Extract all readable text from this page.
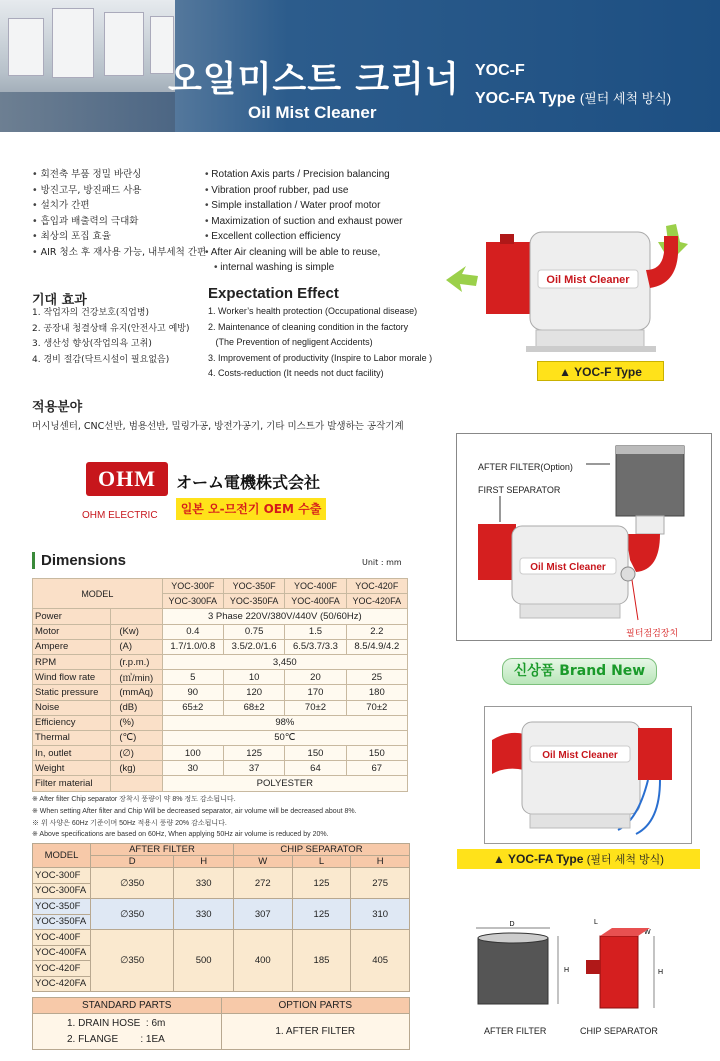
오일미스트 크리너
Oil Mist Cleaner
YOC-F
YOC-FA Type (필터 세척 방식)
• 회전축 부품 정밀 바란싱
• 방진고무, 방진패드 사용
• 설치가 간편
• 흡입과 배출력의 극대화
• 최상의 포집 효율
• AIR 청소 후 재사용 가능, 내부세척 간편
• Rotation Axis parts / Precision balancing
• Vibration proof rubber, pad use
• Simple installation / Water proof motor
• Maximization of suction and exhaust power
• Excellent collection efficiency
• After Air cleaning will be able to reuse,
• internal washing is simple
기대 효과
1. 작업자의 건강보호(직업병)
2. 공장내 청결상태 유지(안전사고 예방)
3. 생산성 향상(작업의욕 고취)
4. 경비 절감(닥트시설이 필요없음)
Expectation Effect
1. Worker’s health protection (Occupational disease)
2. Maintenance of cleaning condition in the factory
(The Prevention of negligent Accidents)
3. Improvement of productivity (Inspire to Labor morale )
4. Costs-reduction (It needs not duct facility)
적용분야
머시닝센터, CNC선반, 범용선반, 밀링가공, 방전가공기, 기타 미스트가 발생하는 공작기계
OHM
OHM ELECTRIC
オーム電機株式会社
일본 오-므전기 OEM 수출
Dimensions	Unit : mm
MODEL		YOC-300F	YOC-350F	YOC-400F	YOC-420F
		YOC-300FA	YOC-350FA	YOC-400FA	YOC-420FA
Power		3 Phase 220V/380V/440V (50/60Hz)			
Motor	(Kw)	0.4	0.75	1.5	2.2
Ampere	(A)	1.7/1.0/0.8	3.5/2.0/1.6	6.5/3.7/3.3	8.5/4.9/4.2
RPM	(r.p.m.)	3,450			
Wind flow rate	(㎥/min)	5	10	20	25
Static pressure	(mmAq)	90	120	170	180
Noise	(dB)	65±2	68±2	70±2	70±2
Efficiency	(%)	98%			
Thermal	(℃)	50℃			
In, outlet	(∅)	100	125	150	150
Weight	(kg)	30	37	64	67
Filter material		POLYESTER			
※ After filter Chip separator 장착시 풍량이 약 8% 정도 감소됩니다.
※ When setting After filter and Chip Will be decreased separator, air volume will be decreased about 8%.
※ 위 사양은 60Hz 기준이며 50Hz 적용시 풍량 20% 감소됩니다.
※ Above specifications are based on 60Hz, When applying 50Hz air volume is reduced by 20%.
MODEL	AFTER FILTER		CHIP SEPARATOR		
	D	H	W	L	H
YOC-300F	∅350	330	272	125	275
YOC-300FA					
YOC-350F	∅350	330	307	125	310
YOC-350FA					
YOC-400F	∅350	500	400	185	405
YOC-400FA					
YOC-420F					
YOC-420FA					
STANDARD PARTS	OPTION PARTS

1. DRAIN HOSE  : 6m
2. FLANGE        : 1EA	1. AFTER FILTER
Oil Mist Cleaner
▲ YOC-F Type
AFTER FILTER(Option)
FIRST SEPARATOR
Oil Mist Cleaner
필터점검장치
신상품 Brand New
Oil Mist Cleaner
▲ YOC-FA Type (필터 세척 방식)
D
H
L
W
H
AFTER FILTER	CHIP SEPARATOR
